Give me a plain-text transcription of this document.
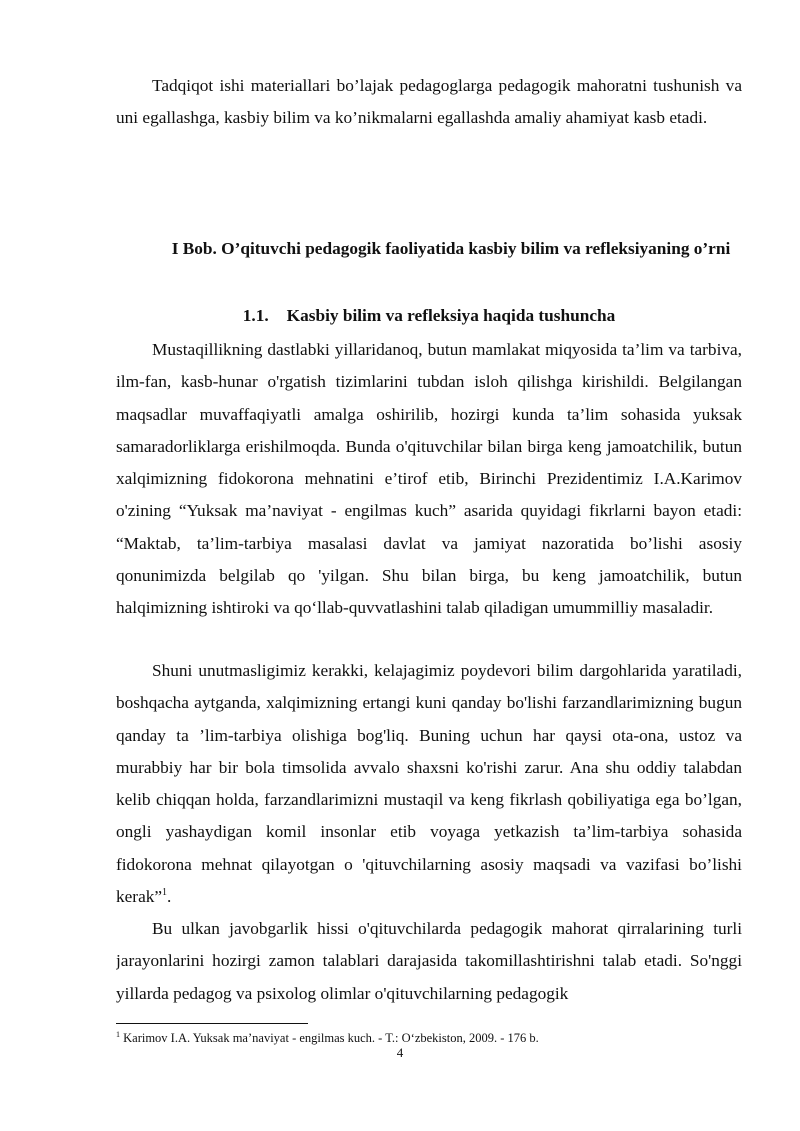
Tadqiqot ishi materiallari bo’lajak pedagoglarga pedagogik mahoratni tushunish va uni egallashga, kasbiy bilim va ko’nikmalarni egallashda amaliy ahamiyat kasb etadi.

I Bob. O’qituvchi pedagogik faoliyatida kasbiy bilim va refleksiyaning o’rni
1.1. Kasbiy bilim va refleksiya haqida tushuncha

Mustaqillikning dastlabki yillaridanoq, butun mamlakat miqyosida ta’lim va tarbiva, ilm-fan, kasb-hunar o'rgatish tizimlarini tubdan isloh qilishga kirishildi. Belgilangan maqsadlar muvaffaqiyatli amalga oshirilib, hozirgi kunda ta’lim sohasida yuksak samaradorliklarga erishilmoqda. Bunda o'qituvchilar bilan birga keng jamoatchilik, butun xalqimizning fidokorona mehnatini e’tirof etib, Birinchi Prezidentimiz I.A.Karimov o'zining “Yuksak ma’naviyat - engilmas kuch” asarida quyidagi fikrlarni bayon etadi: “Maktab, ta’lim-tarbiya masalasi davlat va jamiyat nazoratida bo’lishi asosiy qonunimizda belgilab qo 'yilgan. Shu bilan birga, bu keng jamoatchilik, butun halqimizning ishtiroki va qo‘llab-quvvatlashini talab qiladigan umummilliy masaladir.

Shuni unutmasligimiz kerakki, kelajagimiz poydevori bilim dargohlarida yaratiladi, boshqacha aytganda, xalqimizning ertangi kuni qanday bo'lishi farzandlarimizning bugun qanday ta ’lim-tarbiya olishiga bog'liq. Buning uchun har qaysi ota-ona, ustoz va murabbiy har bir bola timsolida avvalo shaxsni ko'rishi zarur. Ana shu oddiy talabdan kelib chiqqan holda, farzandlarimizni mustaqil va keng fikrlash qobiliyatiga ega bo’lgan, ongli yashaydigan komil insonlar etib voyaga yetkazish ta’lim-tarbiya sohasida fidokorona mehnat qilayotgan o 'qituvchilarning asosiy maqsadi va vazifasi bo’lishi kerak”$^1$.

Bu ulkan javobgarlik hissi o'qituvchilarda pedagogik mahorat qirralarining turli jarayonlarini hozirgi zamon talablari darajasida takomillashtirishni talab etadi. So'nggi yillarda pedagog va psixolog olimlar o'qituvchilarning pedagogik

$^1$ Karimov I.A. Yuksak ma’naviyat - engilmas kuch. - T.: O‘zbekiston, 2009. - 176 b.

4
